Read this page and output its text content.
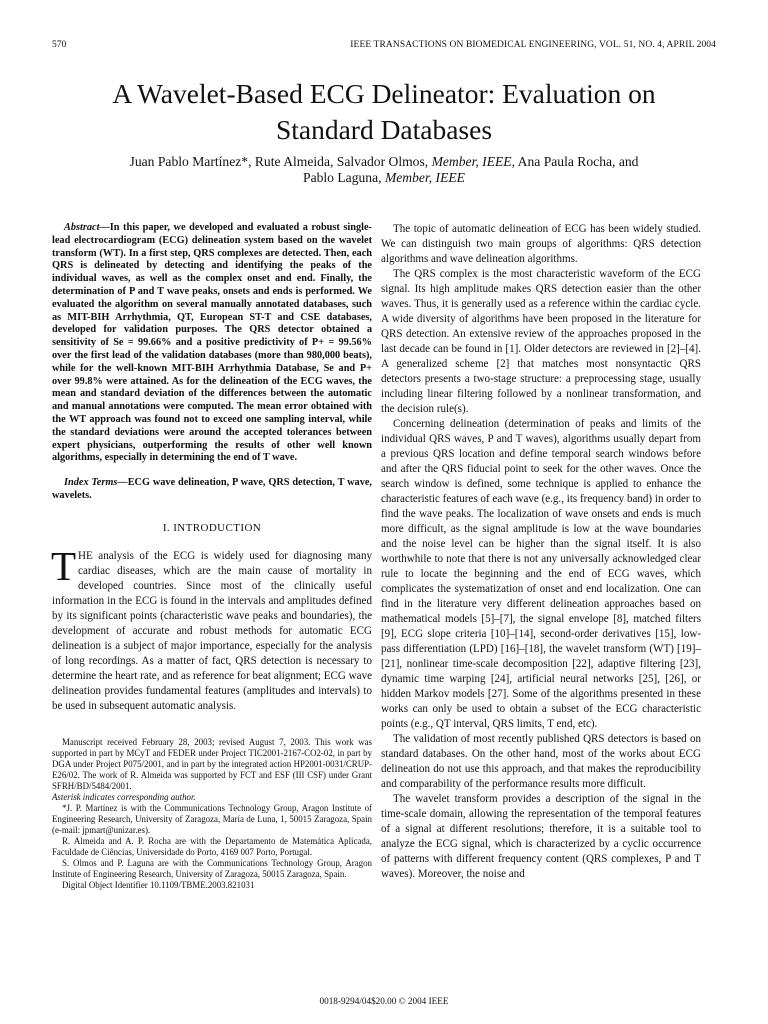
570	IEEE TRANSACTIONS ON BIOMEDICAL ENGINEERING, VOL. 51, NO. 4, APRIL 2004
A Wavelet-Based ECG Delineator: Evaluation on
Standard Databases
Juan Pablo Martínez*, Rute Almeida, Salvador Olmos, Member, IEEE, Ana Paula Rocha, and
Pablo Laguna, Member, IEEE

Abstract—In this paper, we developed and evaluated a robust single-lead electrocardiogram (ECG) delineation system based on the wavelet transform (WT). In a first step, QRS complexes are detected. Then, each QRS is delineated by detecting and identifying the peaks of the individual waves, as well as the complex onset and end. Finally, the determination of P and T wave peaks, onsets and ends is performed. We evaluated the algorithm on several manually annotated databases, such as MIT-BIH Arrhythmia, QT, European ST-T and CSE databases, developed for validation purposes. The QRS detector obtained a sensitivity of Se = 99.66% and a positive predictivity of P+ = 99.56% over the first lead of the validation databases (more than 980,000 beats), while for the well-known MIT-BIH Arrhythmia Database, Se and P+ over 99.8% were attained. As for the delineation of the ECG waves, the mean and standard deviation of the differences between the automatic and manual annotations were computed. The mean error obtained with the WT approach was found not to exceed one sampling interval, while the standard deviations were around the accepted tolerances between expert physicians, outperforming the results of other well known algorithms, especially in determining the end of T wave.

Index Terms—ECG wave delineation, P wave, QRS detection, T wave, wavelets.

I. INTRODUCTION

THE analysis of the ECG is widely used for diagnosing many cardiac diseases, which are the main cause of mortality in developed countries. Since most of the clinically useful information in the ECG is found in the intervals and amplitudes defined by its significant points (characteristic wave peaks and boundaries), the development of accurate and robust methods for automatic ECG delineation is a subject of major importance, especially for the analysis of long recordings. As a matter of fact, QRS detection is necessary to determine the heart rate, and as reference for beat alignment; ECG wave delineation provides fundamental features (amplitudes and intervals) to be used in subsequent automatic analysis.

Manuscript received February 28, 2003; revised August 7, 2003. This work was supported in part by MCyT and FEDER under Project TIC2001-2167-CO2-02, in part by DGA under Project P075/2001, and in part by the integrated action HP2001-0031/CRUP-E26/02. The work of R. Almeida was supported by FCT and ESF (III CSF) under Grant SFRH/BD/5484/2001.
Asterisk indicates corresponding author.

*J. P. Martínez is with the Communications Technology Group, Aragon Institute of Engineering Research, University of Zaragoza, María de Luna, 1, 50015 Zaragoza, Spain (e-mail: jpmart@unizar.es).

R. Almeida and A. P. Rocha are with the Departamento de Matemática Aplicada, Faculdade de Ciências, Universidade do Porto, 4169 007 Porto, Portugal.

S. Olmos and P. Laguna are with the Communications Technology Group, Aragon Institute of Engineering Research, University of Zaragoza, 50015 Zaragoza, Spain.

Digital Object Identifier 10.1109/TBME.2003.821031

The topic of automatic delineation of ECG has been widely studied. We can distinguish two main groups of algorithms: QRS detection algorithms and wave delineation algorithms.

The QRS complex is the most characteristic waveform of the ECG signal. Its high amplitude makes QRS detection easier than the other waves. Thus, it is generally used as a reference within the cardiac cycle. A wide diversity of algorithms have been proposed in the literature for QRS detection. An extensive review of the approaches proposed in the last decade can be found in [1]. Older detectors are reviewed in [2]–[4]. A generalized scheme [2] that matches most nonsyntactic QRS detectors presents a two-stage structure: a preprocessing stage, usually including linear filtering followed by a nonlinear transformation, and the decision rule(s).

Concerning delineation (determination of peaks and limits of the individual QRS waves, P and T waves), algorithms usually depart from a previous QRS location and define temporal search windows before and after the QRS fiducial point to seek for the other waves. Once the search window is defined, some technique is applied to enhance the characteristic features of each wave (e.g., its frequency band) in order to find the wave peaks. The localization of wave onsets and ends is much more difficult, as the signal amplitude is low at the wave boundaries and the noise level can be higher than the signal itself. It is also worthwhile to note that there is not any universally acknowledged clear rule to locate the beginning and the end of ECG waves, which complicates the systematization of onset and end localization. One can find in the literature very different delineation approaches based on mathematical models [5]–[7], the signal envelope [8], matched filters [9], ECG slope criteria [10]–[14], second-order derivatives [15], low-pass differentiation (LPD) [16]–[18], the wavelet transform (WT) [19]–[21], nonlinear time-scale decomposition [22], adaptive filtering [23], dynamic time warping [24], artificial neural networks [25], [26], or hidden Markov models [27]. Some of the algorithms presented in these works can only be used to obtain a subset of the ECG characteristic points (e.g., QT interval, QRS limits, T end, etc).

The validation of most recently published QRS detectors is based on standard databases. On the other hand, most of the works about ECG delineation do not use this approach, and that makes the reproducibility and comparability of the performance results more difficult.

The wavelet transform provides a description of the signal in the time-scale domain, allowing the representation of the temporal features of a signal at different resolutions; therefore, it is a suitable tool to analyze the ECG signal, which is characterized by a cyclic occurrence of patterns with different frequency content (QRS complexes, P and T waves). Moreover, the noise and

0018-9294/04$20.00 © 2004 IEEE
